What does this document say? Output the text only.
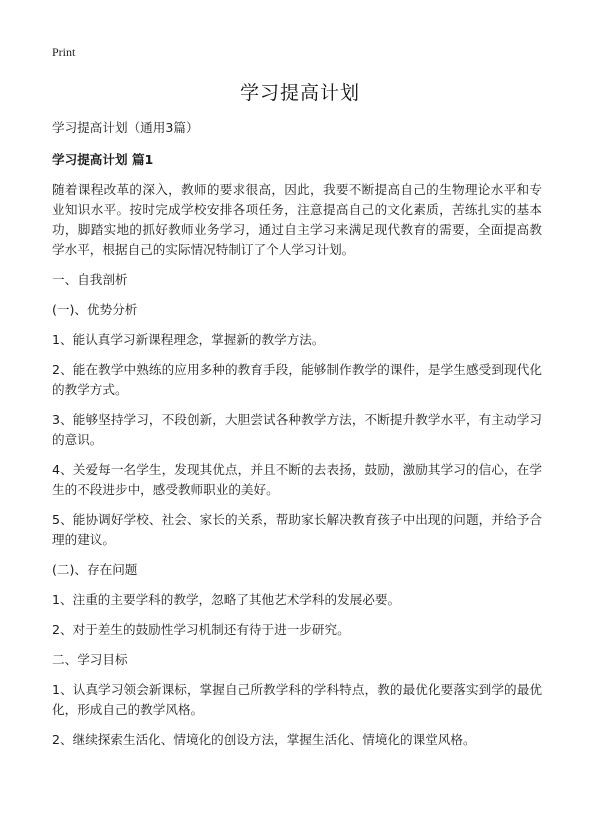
Print
学习提高计划

学习提高计划（通用3篇）

学习提高计划 篇1

随着课程改革的深入，教师的要求很高，因此，我要不断提高自己的生物理论水平和专业知识水平。按时完成学校安排各项任务，注意提高自己的文化素质，苦练扎实的基本功，脚踏实地的抓好教师业务学习，通过自主学习来满足现代教育的需要，全面提高教学水平，根据自己的实际情况特制订了个人学习计划。

一、自我剖析

(一)、优势分析

1、能认真学习新课程理念，掌握新的教学方法。

2、能在教学中熟练的应用多种的教育手段，能够制作教学的课件，是学生感受到现代化的教学方式。

3、能够坚持学习，不段创新，大胆尝试各种教学方法，不断提升教学水平，有主动学习的意识。

4、关爱每一名学生，发现其优点，并且不断的去表扬，鼓励，激励其学习的信心，在学生的不段进步中，感受教师职业的美好。

5、能协调好学校、社会、家长的关系，帮助家长解决教育孩子中出现的问题，并给予合理的建议。

(二)、存在问题

1、注重的主要学科的教学，忽略了其他艺术学科的发展必要。

2、对于差生的鼓励性学习机制还有待于进一步研究。

二、学习目标

1、认真学习领会新课标，掌握自己所教学科的学科特点，教的最优化要落实到学的最优化，形成自己的教学风格。

2、继续探索生活化、情境化的创设方法，掌握生活化、情境化的课堂风格。
